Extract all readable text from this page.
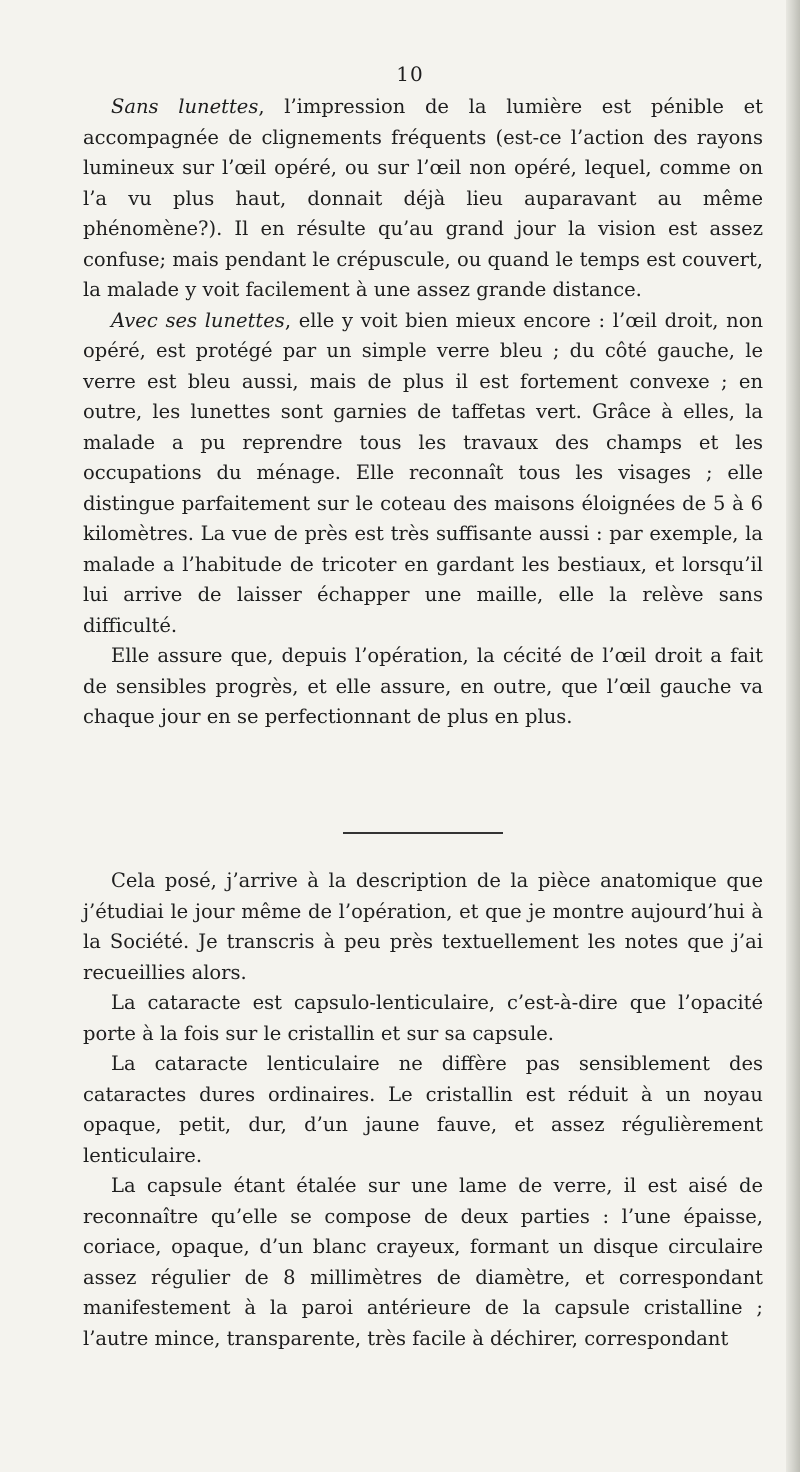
10

Sans lunettes, l’impression de la lumière est pénible et accompagnée de clignements fréquents (est-ce l’action des rayons lumineux sur l’œil opéré, ou sur l’œil non opéré, lequel, comme on l’a vu plus haut, donnait déjà lieu auparavant au même phénomène?). Il en résulte qu’au grand jour la vision est assez confuse; mais pendant le crépuscule, ou quand le temps est couvert, la malade y voit facilement à une assez grande distance.

Avec ses lunettes, elle y voit bien mieux encore : l’œil droit, non opéré, est protégé par un simple verre bleu ; du côté gauche, le verre est bleu aussi, mais de plus il est fortement convexe ; en outre, les lunettes sont garnies de taffetas vert. Grâce à elles, la malade a pu reprendre tous les travaux des champs et les occupations du ménage. Elle reconnaît tous les visages ; elle distingue parfaitement sur le coteau des maisons éloignées de 5 à 6 kilomètres. La vue de près est très suffisante aussi : par exemple, la malade a l’habitude de tricoter en gardant les bestiaux, et lorsqu’il lui arrive de laisser échapper une maille, elle la relève sans difficulté.

Elle assure que, depuis l’opération, la cécité de l’œil droit a fait de sensibles progrès, et elle assure, en outre, que l’œil gauche va chaque jour en se perfectionnant de plus en plus.

Cela posé, j’arrive à la description de la pièce anatomique que j’étudiai le jour même de l’opération, et que je montre aujourd’hui à la Société. Je transcris à peu près textuellement les notes que j’ai recueillies alors.

La cataracte est capsulo-lenticulaire, c’est-à-dire que l’opacité porte à la fois sur le cristallin et sur sa capsule.

La cataracte lenticulaire ne diffère pas sensiblement des cataractes dures ordinaires. Le cristallin est réduit à un noyau opaque, petit, dur, d’un jaune fauve, et assez régulièrement lenticulaire.

La capsule étant étalée sur une lame de verre, il est aisé de reconnaître qu’elle se compose de deux parties : l’une épaisse, coriace, opaque, d’un blanc crayeux, formant un disque circulaire assez régulier de 8 millimètres de diamètre, et correspondant manifestement à la paroi antérieure de la capsule cristalline ; l’autre mince, transparente, très facile à déchirer, correspondant
